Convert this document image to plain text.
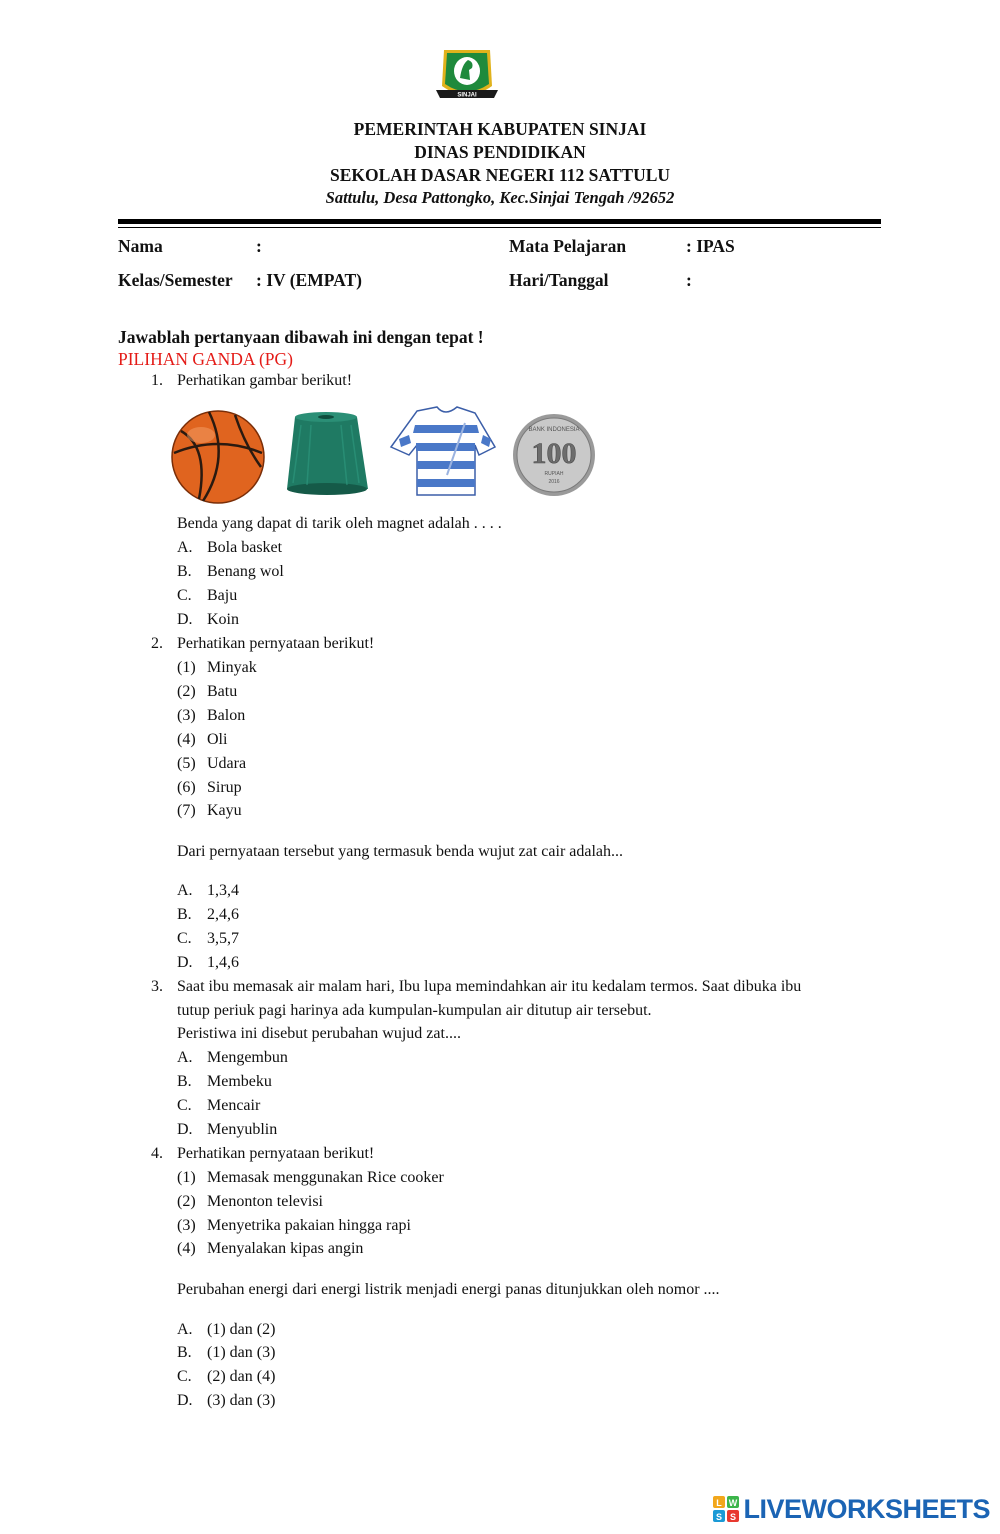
SINJAI
PEMERINTAH KABUPATEN SINJAI
DINAS PENDIDIKAN
SEKOLAH DASAR NEGERI 112 SATTULU
Sattulu, Desa Pattongko, Kec.Sinjai Tengah /92652
Nama	:	Mata Pelajaran	: IPAS
Kelas/Semester : IV (EMPAT)	Hari/Tanggal	:
Jawablah pertanyaan dibawah ini dengan tepat !
PILIHAN GANDA (PG)
1. Perhatikan gambar berikut!
100
BANK INDONESIA
RUPIAH
2016
Benda yang dapat di tarik oleh magnet adalah . . . .
A. Bola basket
B. Benang wol
C. Baju
D. Koin
2. Perhatikan pernyataan berikut!
(1) Minyak
(2) Batu
(3) Balon
(4) Oli
(5) Udara
(6) Sirup
(7) Kayu
Dari pernyataan tersebut yang termasuk benda wujut zat cair adalah...
A. 1,3,4
B. 2,4,6
C. 3,5,7
D. 1,4,6
3. Saat ibu memasak air malam hari, Ibu lupa memindahkan air itu kedalam termos. Saat dibuka ibu
tutup periuk pagi harinya ada kumpulan-kumpulan air ditutup air tersebut.
Peristiwa ini disebut perubahan wujud zat....
A. Mengembun
B. Membeku
C. Mencair
D. Menyublin
4. Perhatikan pernyataan berikut!
(1) Memasak menggunakan Rice cooker
(2) Menonton televisi
(3) Menyetrika pakaian hingga rapi
(4) Menyalakan kipas angin
Perubahan energi dari energi listrik menjadi energi panas ditunjukkan oleh nomor ....
A. (1) dan (2)
B. (1) dan (3)
C. (2) dan (4)
D. (3) dan (3)
L W
S S LIVEWORKSHEETS
